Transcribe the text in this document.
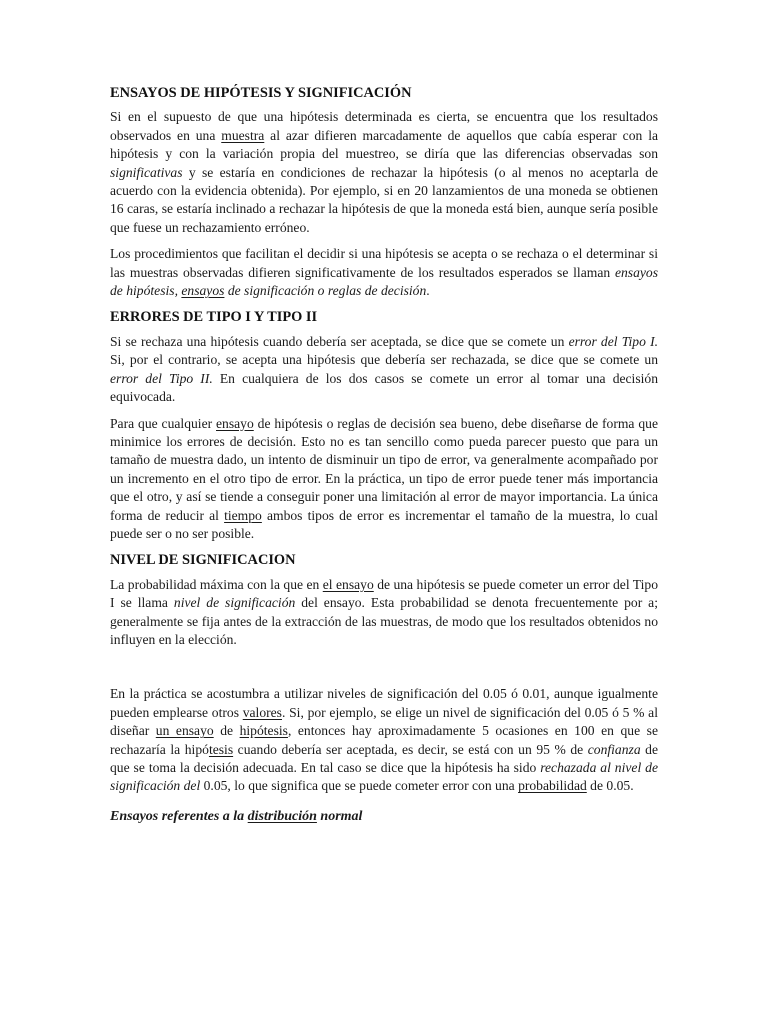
ENSAYOS DE HIPÓTESIS Y SIGNIFICACIÓN

Si en el supuesto de que una hipótesis determinada es cierta, se encuentra que los resultados observados en una muestra al azar difieren marcadamente de aquellos que cabía esperar con la hipótesis y con la variación propia del muestreo, se diría que las diferencias observadas son significativas y se estaría en condiciones de rechazar la hipótesis (o al menos no aceptarla de acuerdo con la evidencia obtenida). Por ejemplo, si en 20 lanzamientos de una moneda se obtienen 16 caras, se estaría inclinado a rechazar la hipótesis de que la moneda está bien, aunque sería posible que fuese un rechazamiento erróneo.

Los procedimientos que facilitan el decidir si una hipótesis se acepta o se rechaza o el determinar si las muestras observadas difieren significativamente de los resultados esperados se llaman ensayos de hipótesis, ensayos de significación o reglas de decisión.

ERRORES DE TIPO I Y TIPO II

Si se rechaza una hipótesis cuando debería ser aceptada, se dice que se comete un error del Tipo I. Si, por el contrario, se acepta una hipótesis que debería ser rechazada, se dice que se comete un error del Tipo II. En cualquiera de los dos casos se comete un error al tomar una decisión equivocada.

Para que cualquier ensayo de hipótesis o reglas de decisión sea bueno, debe diseñarse de forma que minimice los errores de decisión. Esto no es tan sencillo como pueda parecer puesto que para un tamaño de muestra dado, un intento de disminuir un tipo de error, va generalmente acompañado por un incremento en el otro tipo de error. En la práctica, un tipo de error puede tener más importancia que el otro, y así se tiende a conseguir poner una limitación al error de mayor importancia. La única forma de reducir al tiempo ambos tipos de error es incrementar el tamaño de la muestra, lo cual puede ser o no ser posible.

NIVEL DE SIGNIFICACION

La probabilidad máxima con la que en el ensayo de una hipótesis se puede cometer un error del Tipo I se llama nivel de significación del ensayo. Esta probabilidad se denota frecuentemente por a; generalmente se fija antes de la extracción de las muestras, de modo que los resultados obtenidos no influyen en la elección.

En la práctica se acostumbra a utilizar niveles de significación del 0.05 ó 0.01, aunque igualmente pueden emplearse otros valores. Si, por ejemplo, se elige un nivel de significación del 0.05 ó 5 % al diseñar un ensayo de hipótesis, entonces hay aproximadamente 5 ocasiones en 100 en que se rechazaría la hipótesis cuando debería ser aceptada, es decir, se está con un 95 % de confianza de que se toma la decisión adecuada. En tal caso se dice que la hipótesis ha sido rechazada al nivel de significación del 0.05, lo que significa que se puede cometer error con una probabilidad de 0.05.

Ensayos referentes a la distribución normal
